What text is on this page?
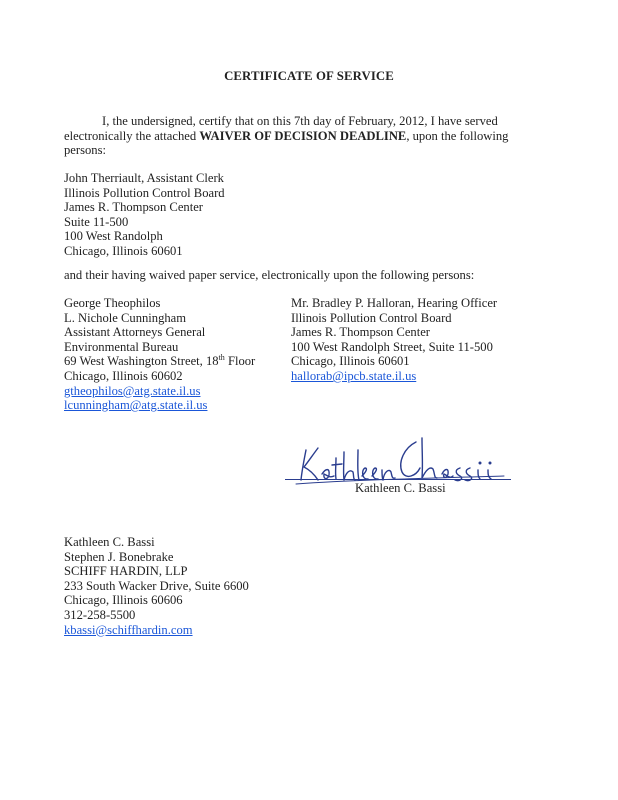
CERTIFICATE OF SERVICE
I, the undersigned, certify that on this 7th day of February, 2012, I have served
electronically the attached WAIVER OF DECISION DEADLINE, upon the following
persons:
John Therriault, Assistant Clerk
Illinois Pollution Control Board
James R. Thompson Center
Suite 11-500
100 West Randolph
Chicago, Illinois 60601
and their having waived paper service, electronically upon the following persons:
George Theophilos
L. Nichole Cunningham
Assistant Attorneys General
Environmental Bureau
69 West Washington Street, 18th Floor
Chicago, Illinois 60602
gtheophilos@atg.state.il.us
lcunningham@atg.state.il.us
Mr. Bradley P. Halloran, Hearing Officer
Illinois Pollution Control Board
James R. Thompson Center
100 West Randolph Street, Suite 11-500
Chicago, Illinois 60601
hallorab@ipcb.state.il.us
Kathleen C. Bassi
Kathleen C. Bassi
Stephen J. Bonebrake
SCHIFF HARDIN, LLP
233 South Wacker Drive, Suite 6600
Chicago, Illinois 60606
312-258-5500
kbassi@schiffhardin.com
